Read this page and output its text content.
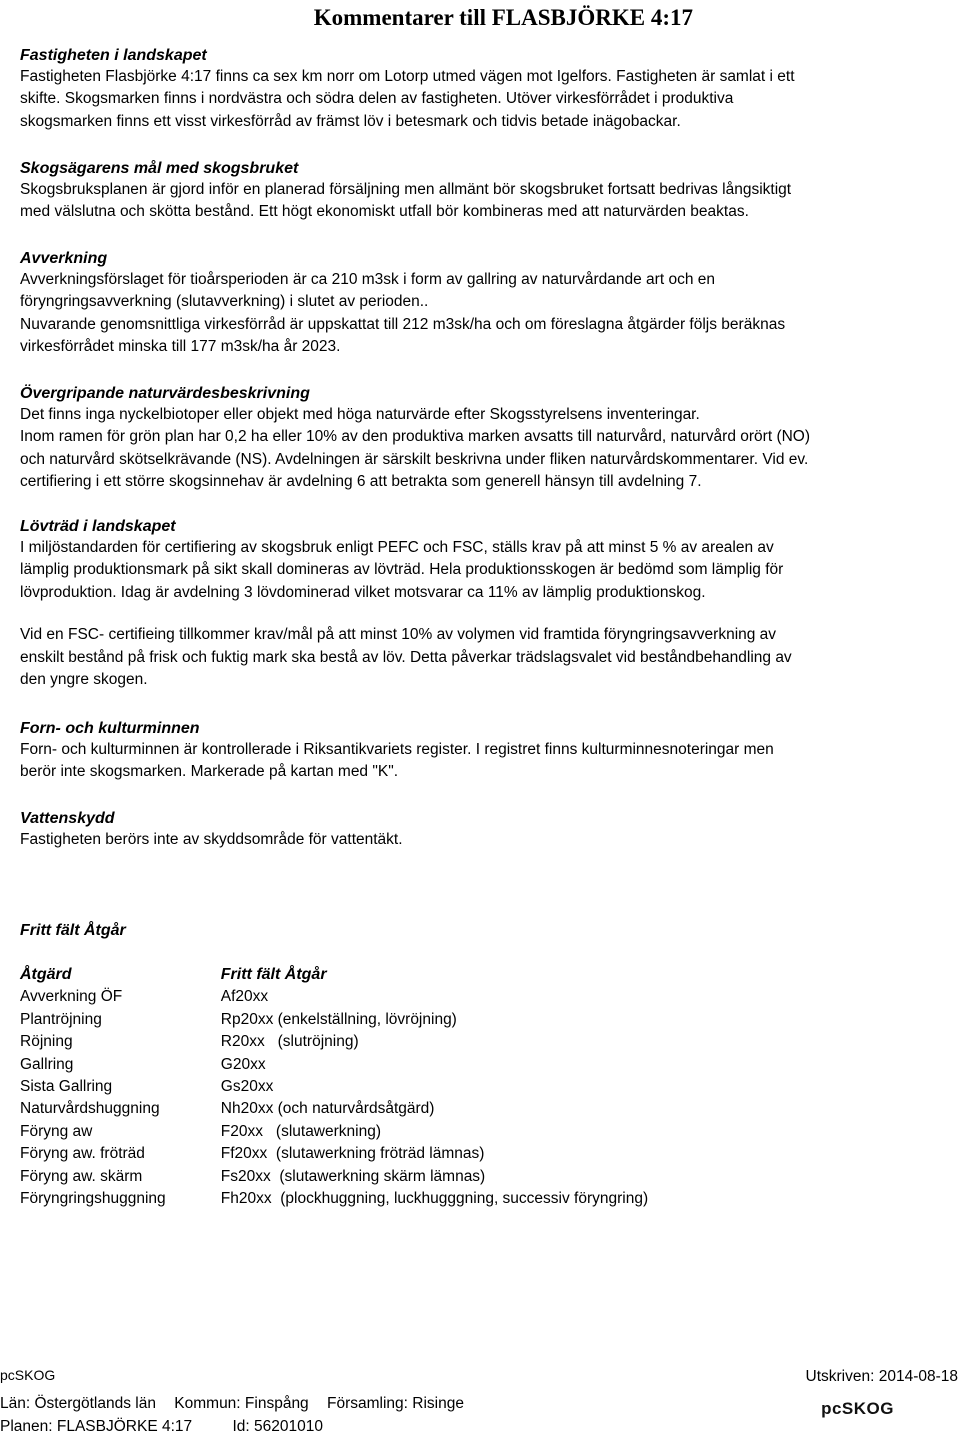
Kommentarer till FLASBJÖRKE 4:17
Fastigheten i landskapet
Fastigheten Flasbjörke 4:17 finns ca sex km norr om Lotorp utmed vägen mot Igelfors. Fastigheten är samlat i ett
skifte. Skogsmarken finns i nordvästra och södra delen av fastigheten. Utöver virkesförrådet i produktiva
skogsmarken finns ett visst virkesförråd av främst löv i betesmark och tidvis betade inägobackar.
Skogsägarens mål med skogsbruket
Skogsbruksplanen är gjord inför en planerad försäljning men allmänt bör skogsbruket fortsatt bedrivas långsiktigt
med välslutna och skötta bestånd. Ett högt ekonomiskt utfall bör kombineras med att naturvärden beaktas.
Avverkning
Avverkningsförslaget för tioårsperioden är ca 210 m3sk i form av gallring av naturvårdande art och en
föryngringsavverkning (slutavverkning) i slutet av perioden..
Nuvarande genomsnittliga virkesförråd är uppskattat till 212 m3sk/ha och om föreslagna åtgärder följs beräknas
virkesförrådet minska till 177 m3sk/ha år 2023.
Övergripande naturvärdesbeskrivning
Det finns inga nyckelbiotoper eller objekt med höga naturvärde efter Skogsstyrelsens inventeringar.
Inom ramen för grön plan har 0,2 ha eller 10% av den produktiva marken avsatts till naturvård, naturvård orört (NO)
och naturvård skötselkrävande (NS). Avdelningen är särskilt beskrivna under fliken naturvårdskommentarer. Vid ev.
certifiering i ett större skogsinnehav är avdelning 6 att betrakta som generell hänsyn till avdelning 7.
Lövträd i landskapet
I miljöstandarden för certifiering av skogsbruk enligt PEFC och FSC, ställs krav på att minst 5 % av arealen av
lämplig produktionsmark på sikt skall domineras av lövträd. Hela produktionsskogen är bedömd som lämplig för
lövproduktion. Idag är avdelning 3 lövdominerad vilket motsvarar ca 11% av lämplig produktionskog.
Vid en FSC- certifieing tillkommer krav/mål på att minst 10% av volymen vid framtida föryngringsavverkning av
enskilt bestånd på frisk och fuktig mark ska bestå av löv. Detta påverkar trädslagsvalet vid beståndbehandling av
den yngre skogen.
Forn- och kulturminnen
Forn- och kulturminnen är kontrollerade i Riksantikvariets register. I registret finns kulturminnesnoteringar men
berör inte skogsmarken. Markerade på kartan med "K".
Vattenskydd
Fastigheten berörs inte av skyddsområde för vattentäkt.
Fritt fält Åtgår
Åtgärd	Fritt fält Åtgår
Avverkning ÖF	Af20xx
Plantröjning	Rp20xx (enkelställning, lövröjning)
Röjning	R20xx   (slutröjning)
Gallring	G20xx
Sista Gallring	Gs20xx
Naturvårdshuggning	Nh20xx (och naturvårdsåtgärd)
Föryng aw	F20xx   (slutawerkning)
Föryng aw. fröträd	Ff20xx  (slutawerkning fröträd lämnas)
Föryng aw. skärm	Fs20xx  (slutawerkning skärm lämnas)
Föryngringshuggning	Fh20xx  (plockhuggning, luckhugggning, successiv föryngring)
pcSKOG	Utskriven: 2014-08-18
Län: Östergötlands län Kommun: Finspång Församling: Risinge
Planen: FLASBJÖRKE 4:17	Id: 56201010
pcSKOG
